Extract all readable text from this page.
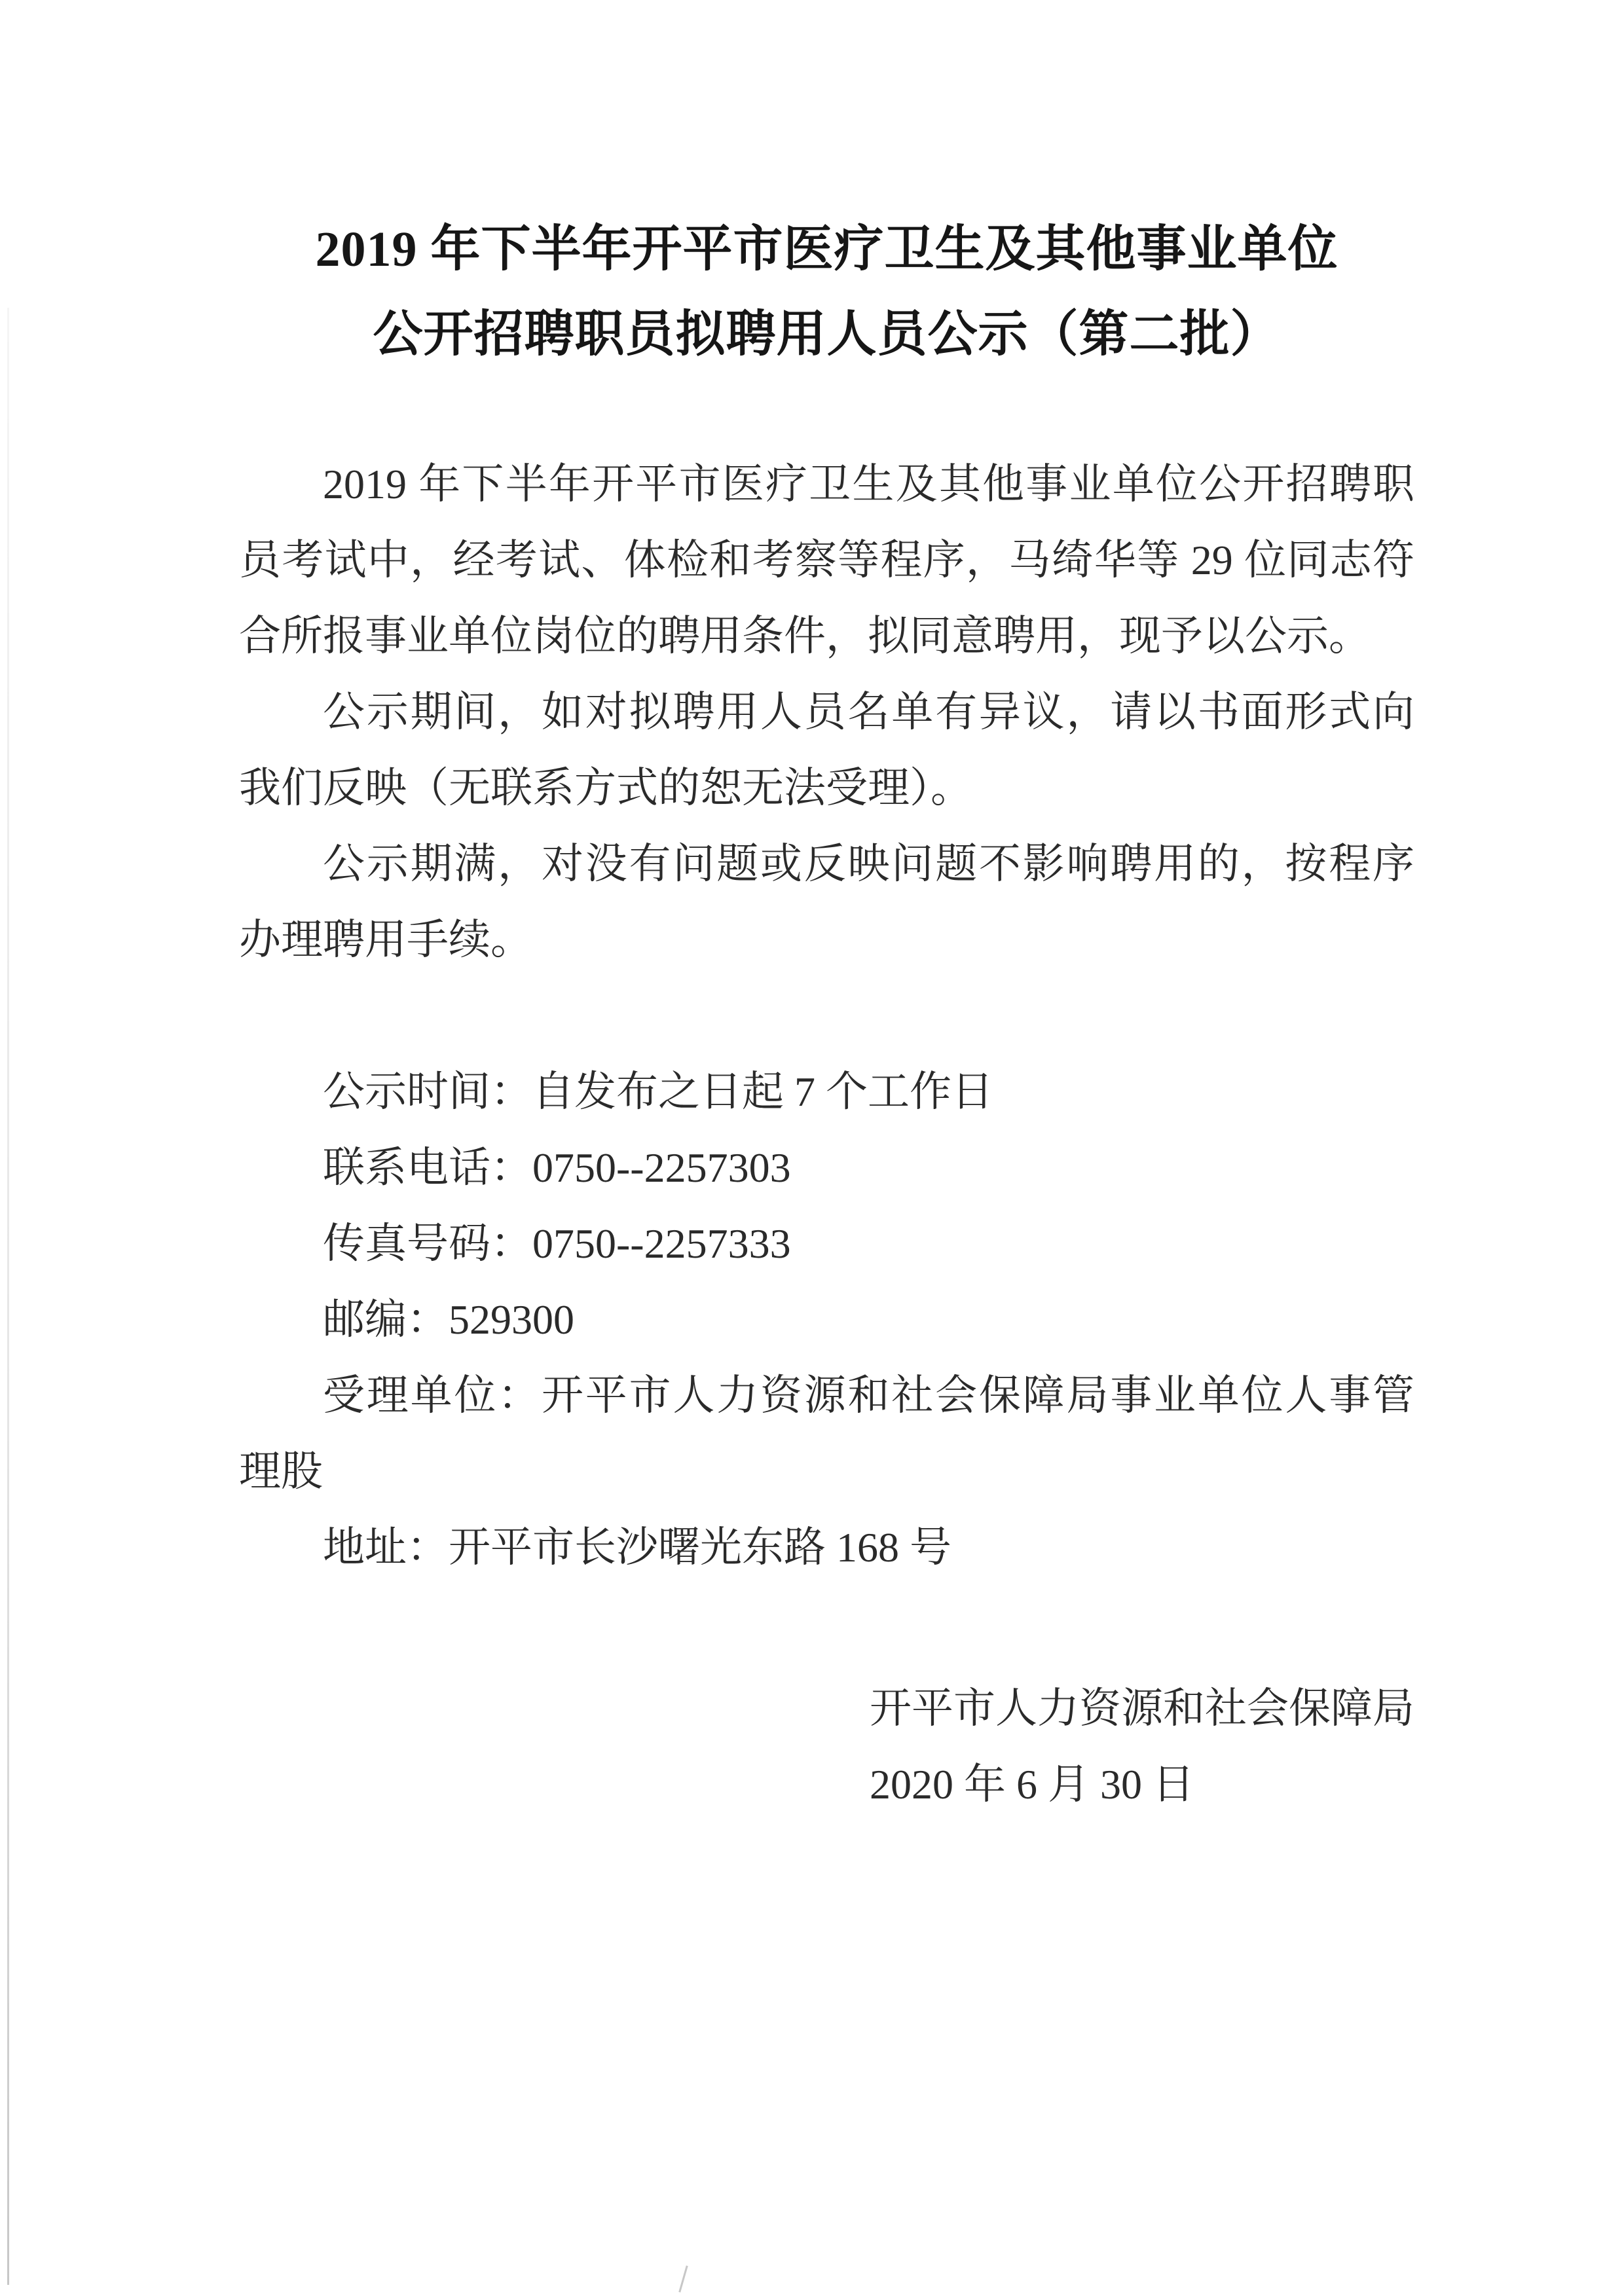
2019 年下半年开平市医疗卫生及其他事业单位
公开招聘职员拟聘用人员公示（第二批）
2019 年下半年开平市医疗卫生及其他事业单位公开招聘职
员考试中，经考试、体检和考察等程序，马绮华等 29 位同志符
合所报事业单位岗位的聘用条件，拟同意聘用，现予以公示。
公示期间，如对拟聘用人员名单有异议，请以书面形式向
我们反映（无联系方式的恕无法受理）。
公示期满，对没有问题或反映问题不影响聘用的，按程序
办理聘用手续。
公示时间：自发布之日起 7 个工作日
联系电话：0750--2257303
传真号码：0750--2257333
邮编：529300
受理单位：开平市人力资源和社会保障局事业单位人事管
理股
地址：开平市长沙曙光东路 168 号
开平市人力资源和社会保障局
2020 年 6 月 30 日
